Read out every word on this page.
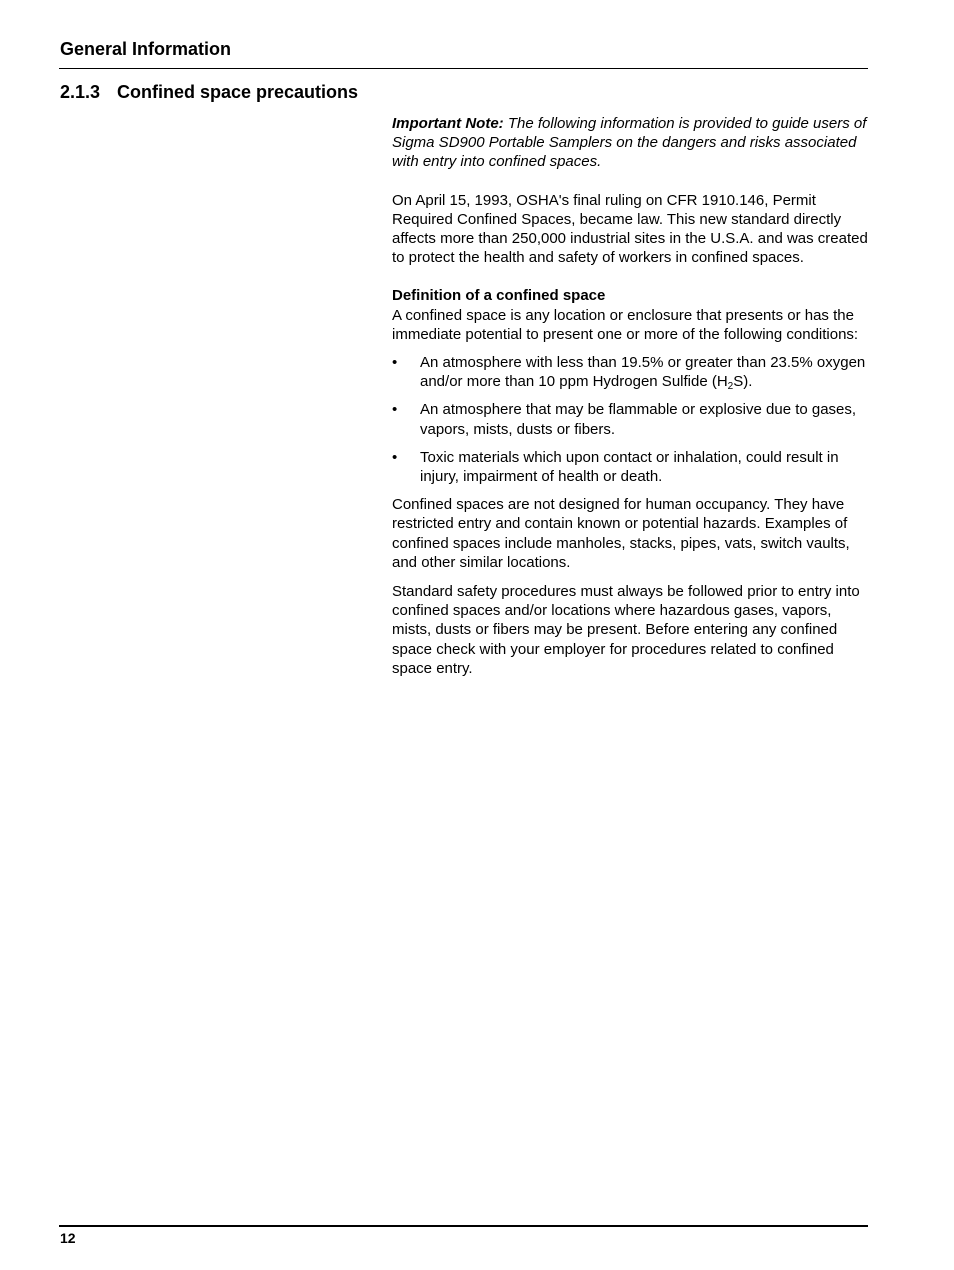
General Information
2.1.3 Confined space precautions

Important Note: The following information is provided to guide users of Sigma SD900 Portable Samplers on the dangers and risks associated with entry into confined spaces.

On April 15, 1993, OSHA's final ruling on CFR 1910.146, Permit Required Confined Spaces, became law. This new standard directly affects more than 250,000 industrial sites in the U.S.A. and was created to protect the health and safety of workers in confined spaces.

Definition of a confined space

A confined space is any location or enclosure that presents or has the immediate potential to present one or more of the following conditions:

• An atmosphere with less than 19.5% or greater than 23.5% oxygen and/or more than 10 ppm Hydrogen Sulfide $(H_2S)$.
• An atmosphere that may be flammable or explosive due to gases, vapors, mists, dusts or fibers.
• Toxic materials which upon contact or inhalation, could result in injury, impairment of health or death.

Confined spaces are not designed for human occupancy. They have restricted entry and contain known or potential hazards. Examples of confined spaces include manholes, stacks, pipes, vats, switch vaults, and other similar locations.

Standard safety procedures must always be followed prior to entry into confined spaces and/or locations where hazardous gases, vapors, mists, dusts or fibers may be present. Before entering any confined space check with your employer for procedures related to confined space entry.

12
